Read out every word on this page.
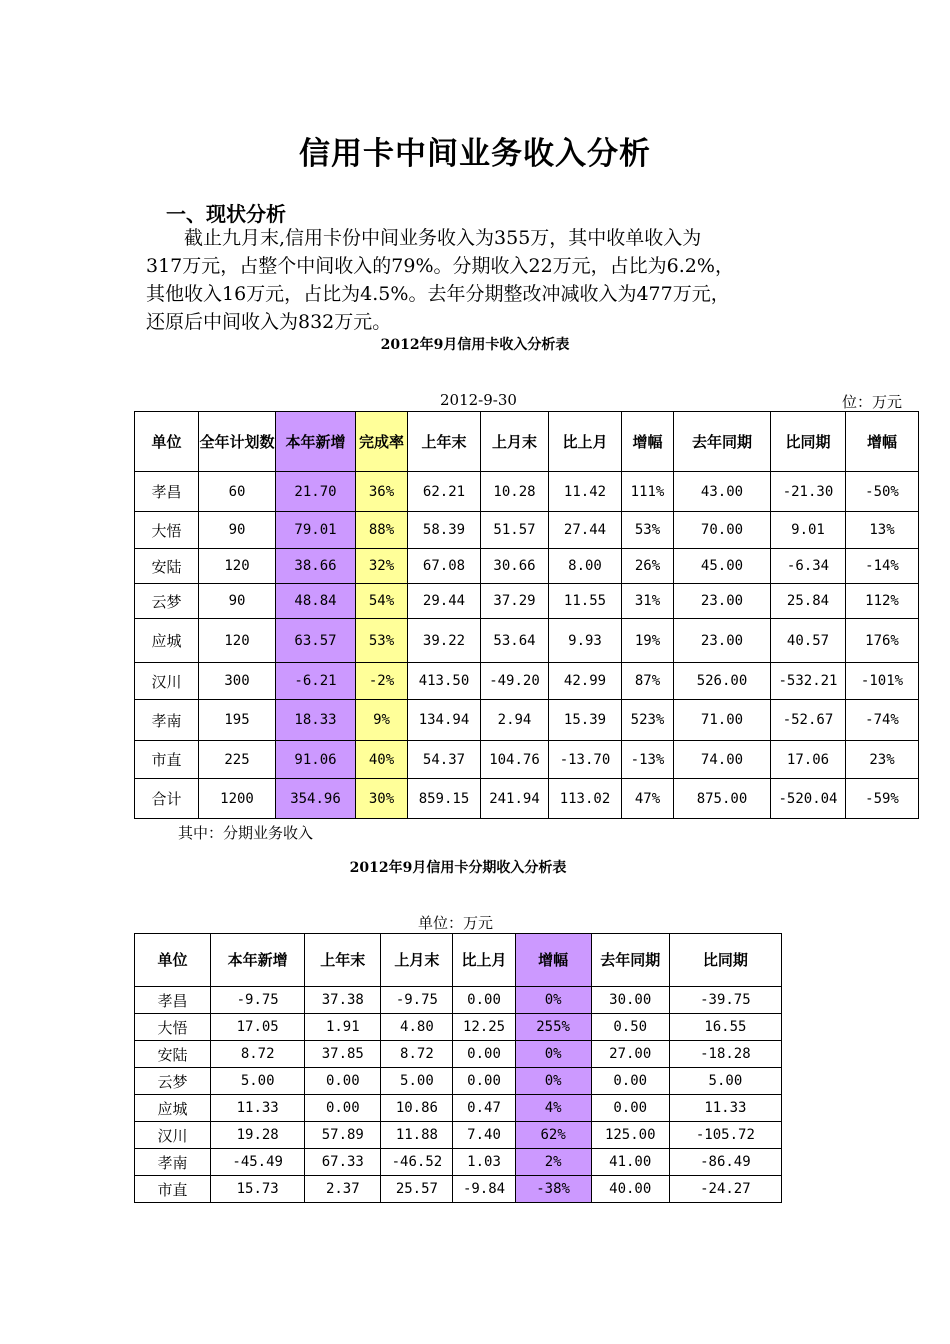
信用卡中间业务收入分析
一、现状分析

截止九月末,信用卡份中间业务收入为355万，其中收单收入为

317万元，占整个中间收入的79%。分期收入22万元，占比为6.2%，

其他收入16万元，占比为4.5%。去年分期整改冲减收入为477万元，

还原后中间收入为832万元。

2012年9月信用卡收入分析表
2012-9-30	位：万元
单位	全年计划数	本年新增	完成率	上年末	上月末	比上月	增幅	去年同期	比同期	增幅
孝昌	60	21.70	36%	62.21	10.28	11.42	111%	43.00	-21.30	-50%
大悟	90	79.01	88%	58.39	51.57	27.44	53%	70.00	9.01	13%
安陆	120	38.66	32%	67.08	30.66	8.00	26%	45.00	-6.34	-14%
云梦	90	48.84	54%	29.44	37.29	11.55	31%	23.00	25.84	112%
应城	120	63.57	53%	39.22	53.64	9.93	19%	23.00	40.57	176%
汉川	300	-6.21	-2%	413.50	-49.20	42.99	87%	526.00	-532.21	-101%
孝南	195	18.33	9%	134.94	2.94	15.39	523%	71.00	-52.67	-74%
市直	225	91.06	40%	54.37	104.76	-13.70	-13%	74.00	17.06	23%
合计	1200	354.96	30%	859.15	241.94	113.02	47%	875.00	-520.04	-59%
其中：分期业务收入
2012年9月信用卡分期收入分析表
单位：万元
单位	本年新增	上年末	上月末	比上月	增幅	去年同期	比同期
孝昌	-9.75	37.38	-9.75	0.00	0%	30.00	-39.75
大悟	17.05	1.91	4.80	12.25	255%	0.50	16.55
安陆	8.72	37.85	8.72	0.00	0%	27.00	-18.28
云梦	5.00	0.00	5.00	0.00	0%	0.00	5.00
应城	11.33	0.00	10.86	0.47	4%	0.00	11.33
汉川	19.28	57.89	11.88	7.40	62%	125.00	-105.72
孝南	-45.49	67.33	-46.52	1.03	2%	41.00	-86.49
市直	15.73	2.37	25.57	-9.84	-38%	40.00	-24.27
